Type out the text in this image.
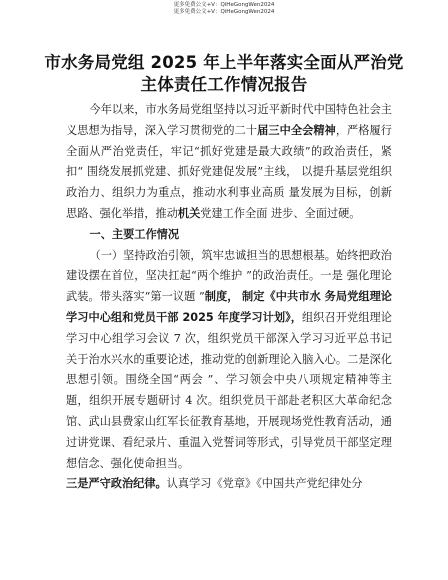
更多免费公文+V：QiHeGongWen2024
更多免费公文+V：QiHeGongWen2024
市水务局党组 2025 年上半年落实全面从严治党
主体责任工作情况报告

今年以来，市水务局党组坚持以习近平新时代中国特色社会主义思想为指导，深入学习贯彻党的二十届三中全会精神，严格履行全面从严治党责任，牢记“抓好党建是最大政绩”的政治责任，紧扣“ 围绕发展抓党建、抓好党建促发展”主线， 以提升基层党组织政治力、组织力为重点，推动水利事业高质 量发展为目标，创新思路、强化举措，推动机关党建工作全面 进步、全面过硬。

一、主要工作情况

（一）坚持政治引领，筑牢忠诚担当的思想根基。始终把政治建设摆在首位，坚决扛起“两个维护 ”的政治责任。一是 强化理论武装。带头落实“第一议题 ”制度， 制定《中共市水 务局党组理论学习中心组和党员干部 2025 年度学习计划》，组织召开党组理论学习中心组学习会议 7 次，组织党员干部深入学习习近平总书记关于治水兴水的重要论述，推动党的创新理论入脑入心。二是深化思想引领。围绕全国“两会 ”、学习领会中央八项规定精神等主题，组织开展专题研讨 4 次。组织党员干部赴老积区大革命纪念馆、武山县费家山红军长征教育基地，开展现场党性教育活动，通过讲党课、看纪录片、重温入党誓词等形式，引导党员干部坚定理想信念、强化使命担当。

三是严守政治纪律。认真学习《党章》《中国共产党纪律处分
